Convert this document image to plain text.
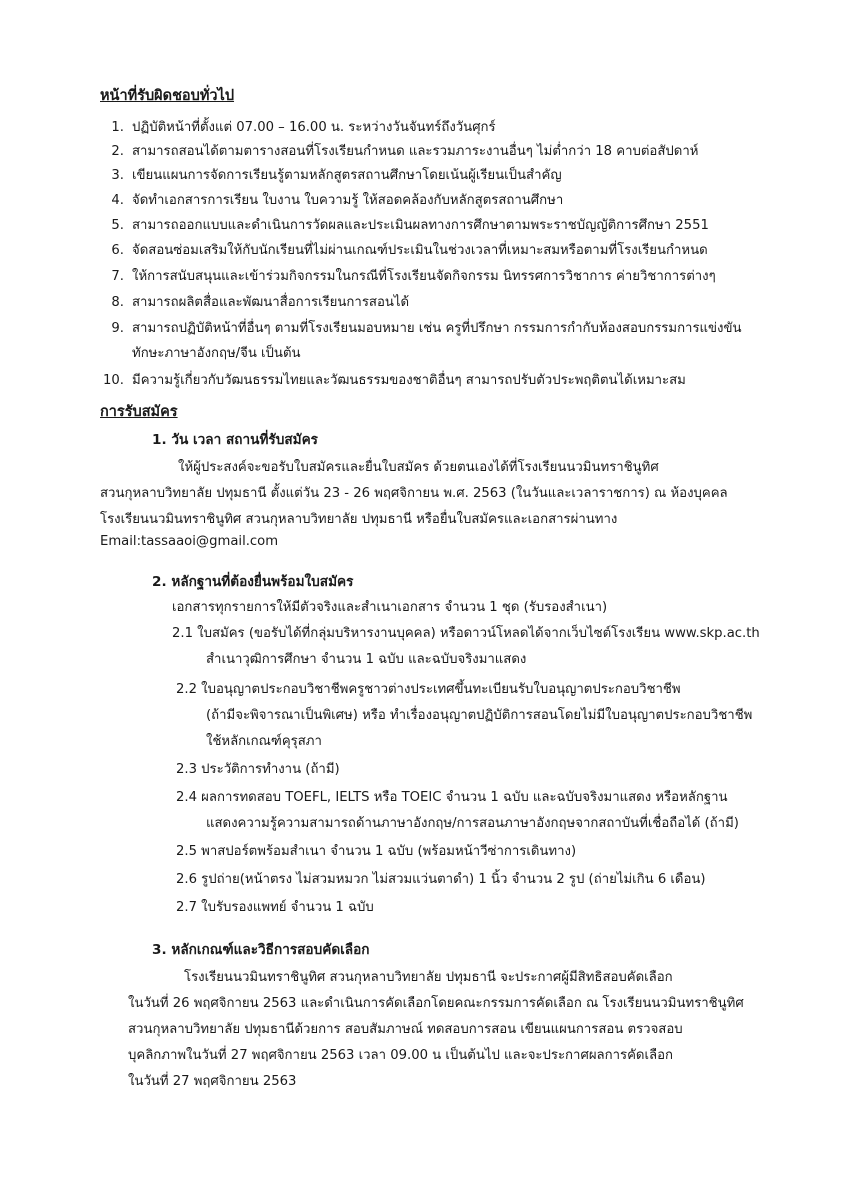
หน้าที่รับผิดชอบทั่วไป
1. ปฏิบัติหน้าที่ตั้งแต่ 07.00 – 16.00 น. ระหว่างวันจันทร์ถึงวันศุกร์
2. สามารถสอนได้ตามตารางสอนที่โรงเรียนกำหนด และรวมภาระงานอื่นๆ ไม่ต่ำกว่า 18 คาบต่อสัปดาห์
3. เขียนแผนการจัดการเรียนรู้ตามหลักสูตรสถานศึกษาโดยเน้นผู้เรียนเป็นสำคัญ
4. จัดทำเอกสารการเรียน ใบงาน ใบความรู้ ให้สอดคล้องกับหลักสูตรสถานศึกษา
5. สามารถออกแบบและดำเนินการวัดผลและประเมินผลทางการศึกษาตามพระราชบัญญัติการศึกษา 2551
6. จัดสอนซ่อมเสริมให้กับนักเรียนที่ไม่ผ่านเกณฑ์ประเมินในช่วงเวลาที่เหมาะสมหรือตามที่โรงเรียนกำหนด
7. ให้การสนับสนุนและเข้าร่วมกิจกรรมในกรณีที่โรงเรียนจัดกิจกรรม นิทรรศการวิชาการ ค่ายวิชาการต่างๆ
8. สามารถผลิตสื่อและพัฒนาสื่อการเรียนการสอนได้
9. สามารถปฏิบัติหน้าที่อื่นๆ ตามที่โรงเรียนมอบหมาย เช่น ครูที่ปรึกษา กรรมการกำกับห้องสอบกรรมการแข่งขัน
ทักษะภาษาอังกฤษ/จีน เป็นต้น
10. มีความรู้เกี่ยวกับวัฒนธรรมไทยและวัฒนธรรมของชาติอื่นๆ สามารถปรับตัวประพฤติตนได้เหมาะสม
การรับสมัคร
1. วัน เวลา สถานที่รับสมัคร
ให้ผู้ประสงค์จะขอรับใบสมัครและยื่นใบสมัคร ด้วยตนเองได้ที่โรงเรียนนวมินทราชินูทิศ
สวนกุหลาบวิทยาลัย ปทุมธานี ตั้งแต่วัน 23 - 26 พฤศจิกายน พ.ศ. 2563 (ในวันและเวลาราชการ) ณ ห้องบุคคล
โรงเรียนนวมินทราชินูทิศ สวนกุหลาบวิทยาลัย ปทุมธานี หรือยื่นใบสมัครและเอกสารผ่านทาง
Email:tassaaoi@gmail.com
2. หลักฐานที่ต้องยื่นพร้อมใบสมัคร
เอกสารทุกรายการให้มีตัวจริงและสำเนาเอกสาร จำนวน 1 ชุด (รับรองสำเนา)
2.1 ใบสมัคร (ขอรับได้ที่กลุ่มบริหารงานบุคคล) หรือดาวน์โหลดได้จากเว็บไซต์โรงเรียน www.skp.ac.th
สำเนาวุฒิการศึกษา จำนวน 1 ฉบับ และฉบับจริงมาแสดง
2.2 ใบอนุญาตประกอบวิชาชีพครูชาวต่างประเทศขึ้นทะเบียนรับใบอนุญาตประกอบวิชาชีพ
(ถ้ามีจะพิจารณาเป็นพิเศษ) หรือ ทำเรื่องอนุญาตปฏิบัติการสอนโดยไม่มีใบอนุญาตประกอบวิชาชีพ
ใช้หลักเกณฑ์คุรุสภา
2.3 ประวัติการทำงาน (ถ้ามี)
2.4 ผลการทดสอบ TOEFL, IELTS หรือ TOEIC จำนวน 1 ฉบับ และฉบับจริงมาแสดง หรือหลักฐาน
แสดงความรู้ความสามารถด้านภาษาอังกฤษ/การสอนภาษาอังกฤษจากสถาบันที่เชื่อถือได้ (ถ้ามี)
2.5 พาสปอร์ตพร้อมสำเนา จำนวน 1 ฉบับ (พร้อมหน้าวีซ่าการเดินทาง)
2.6 รูปถ่าย(หน้าตรง ไม่สวมหมวก ไม่สวมแว่นตาดำ) 1 นิ้ว จำนวน 2 รูป (ถ่ายไม่เกิน 6 เดือน)
2.7 ใบรับรองแพทย์ จำนวน 1 ฉบับ
3. หลักเกณฑ์และวิธีการสอบคัดเลือก
โรงเรียนนวมินทราชินูทิศ สวนกุหลาบวิทยาลัย ปทุมธานี จะประกาศผู้มีสิทธิสอบคัดเลือก
ในวันที่ 26 พฤศจิกายน 2563 และดำเนินการคัดเลือกโดยคณะกรรมการคัดเลือก ณ โรงเรียนนวมินทราชินูทิศ
สวนกุหลาบวิทยาลัย ปทุมธานีด้วยการ สอบสัมภาษณ์ ทดสอบการสอน เขียนแผนการสอน ตรวจสอบ
บุคลิกภาพในวันที่ 27 พฤศจิกายน 2563 เวลา 09.00 น เป็นต้นไป และจะประกาศผลการคัดเลือก
ในวันที่ 27 พฤศจิกายน 2563
